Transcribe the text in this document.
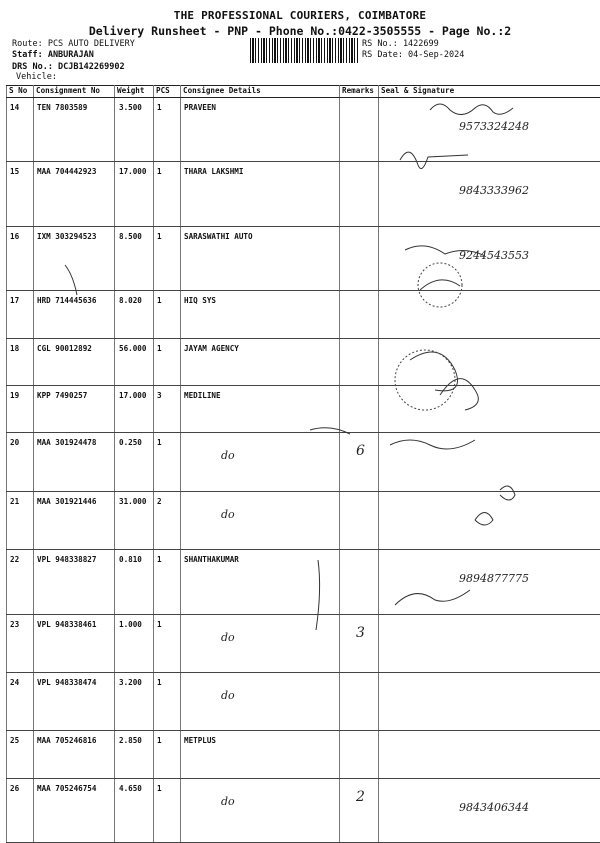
THE PROFESSIONAL COURIERS, COIMBATORE
Delivery Runsheet - PNP - Phone No.:0422-3505555 - Page No.:2
Route: PCS AUTO DELIVERY
Staff: ANBURAJAN
DRS No.: DCJB142269902
Vehicle:
RS No.: 1422699
RS Date: 04-Sep-2024
S No	Consignment No	Weight	PCS	Consignee Details	Remarks	Seal & Signature
14	TEN 7803589	3.500	1	PRAVEEN		9573324248
15	MAA 704442923	17.000	1	THARA LAKSHMI		9843333962
16	IXM 303294523	8.500	1	SARASWATHI AUTO		9244543553
17	HRD 714445636	8.020	1	HIQ SYS		
18	CGL 90012892	56.000	1	JAYAM AGENCY		
19	KPP 7490257	17.000	3	MEDILINE		
20	MAA 301924478	0.250	1	do	6	
21	MAA 301921446	31.000	2	do		
22	VPL 948338827	0.810	1	SHANTHAKUMAR		9894877775
23	VPL 948338461	1.000	1	do	3	
24	VPL 948338474	3.200	1	do		
25	MAA 705246816	2.850	1	METPLUS		
26	MAA 705246754	4.650	1	do	2	9843406344
